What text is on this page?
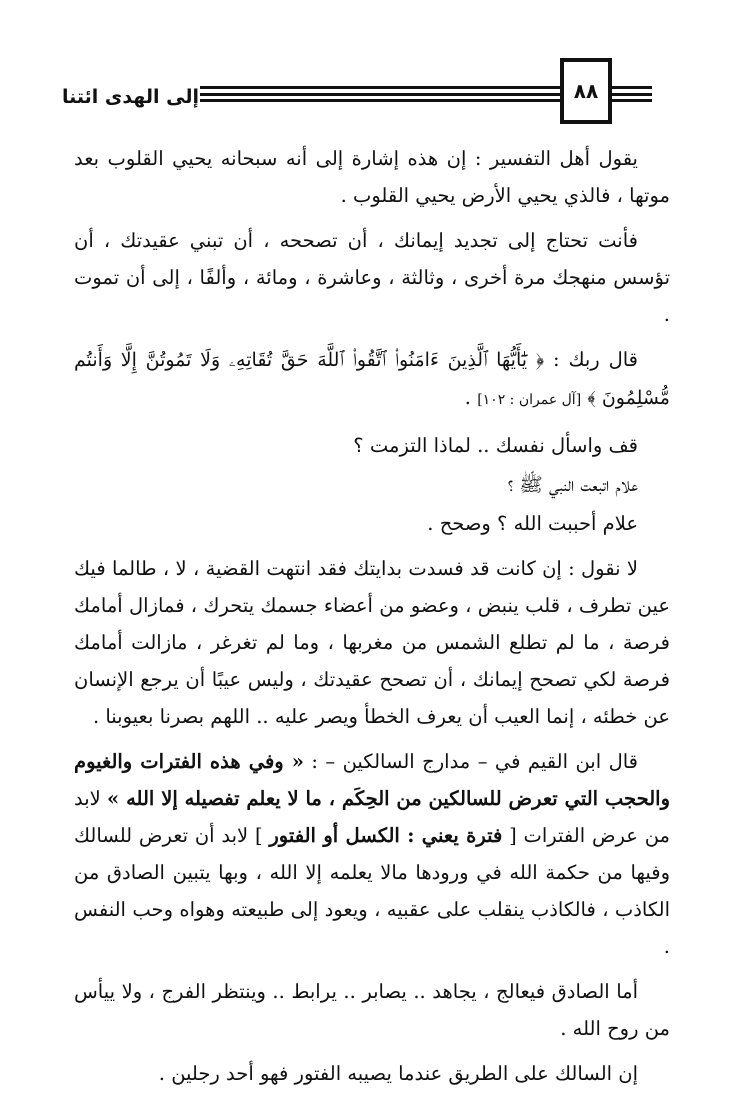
إلى الهدى ائتنا	٨٨

يقول أهل التفسير : إن هذه إشارة إلى أنه سبحانه يحيي القلوب بعد موتها ، فالذي يحيي الأرض يحيي القلوب .

فأنت تحتاج إلى تجديد إيمانك ، أن تصححه ، أن تبني عقيدتك ، أن تؤسس منهجك مرة أخرى ، وثالثة ، وعاشرة ، ومائة ، وألفًا ، إلى أن تموت .

قال ربك : ﴿ يَٰٓأَيُّهَا ٱلَّذِينَ ءَامَنُوا۟ ٱتَّقُوا۟ ٱللَّهَ حَقَّ تُقَاتِهِۦ وَلَا تَمُوتُنَّ إِلَّا وَأَنتُم مُّسْلِمُونَ ﴾ [آل عمران : ١٠٢] .

قف واسأل نفسك .. لماذا التزمت ؟

علام اتبعت النبي ﷺ ؟

علام أحببت الله ؟ وصحح .

لا نقول : إن كانت قد فسدت بدايتك فقد انتهت القضية ، لا ، طالما فيك عين تطرف ، قلب ينبض ، وعضو من أعضاء جسمك يتحرك ، فمازال أمامك فرصة ، ما لم تطلع الشمس من مغربها ، وما لم تغرغر ، مازالت أمامك فرصة لكي تصحح إيمانك ، أن تصحح عقيدتك ، وليس عيبًا أن يرجع الإنسان عن خطئه ، إنما العيب أن يعرف الخطأ ويصر عليه .. اللهم بصرنا بعيوبنا .

قال ابن القيم في – مدارج السالكين – : « وفي هذه الفترات والغيوم والحجب التي تعرض للسالكين من الحِكَم ، ما لا يعلم تفصيله إلا الله » لابد من عرض الفترات [ فترة يعني : الكسل أو الفتور ] لابد أن تعرض للسالك وفيها من حكمة الله في ورودها مالا يعلمه إلا الله ، وبها يتبين الصادق من الكاذب ، فالكاذب ينقلب على عقبيه ، ويعود إلى طبيعته وهواه وحب النفس .

أما الصادق فيعالج ، يجاهد .. يصابر .. يرابط .. وينتظر الفرج ، ولا ييأس من روح الله .

إن السالك على الطريق عندما يصيبه الفتور فهو أحد رجلين .
